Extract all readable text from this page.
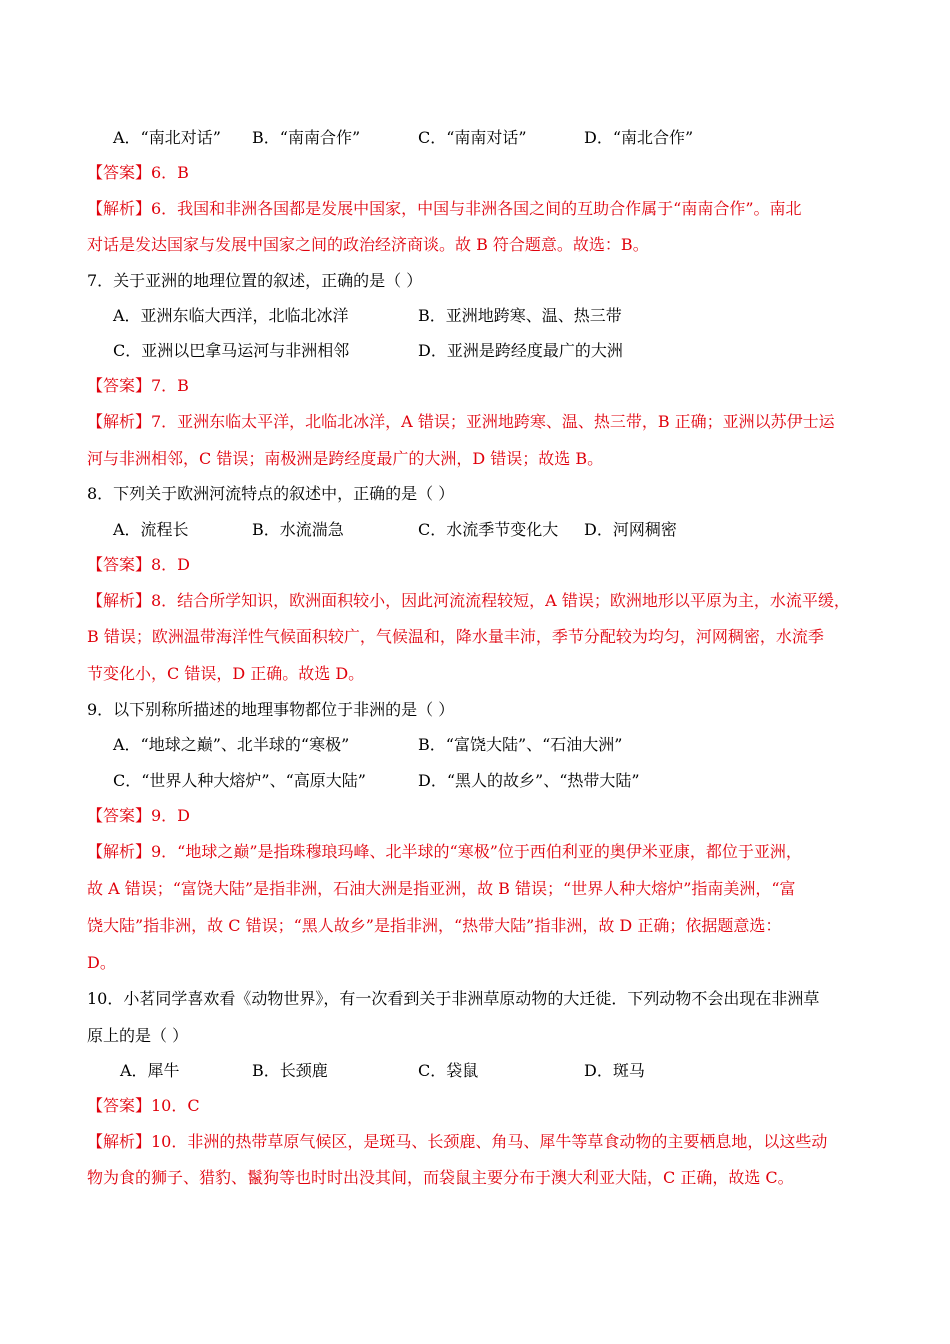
A．“南北对话” B．“南南合作”	C．“南南对话”	D．“南北合作”
【答案】6．B
【解析】6．我国和非洲各国都是发展中国家，中国与非洲各国之间的互助合作属于“南南合作”。南北
对话是发达国家与发展中国家之间的政治经济商谈。故 B 符合题意。故选：B。
7．关于亚洲的地理位置的叙述，正确的是（ ）
A．亚洲东临大西洋，北临北冰洋	B．亚洲地跨寒、温、热三带
C．亚洲以巴拿马运河与非洲相邻	D．亚洲是跨经度最广的大洲
【答案】7．B
【解析】7．亚洲东临太平洋，北临北冰洋，A 错误；亚洲地跨寒、温、热三带，B 正确；亚洲以苏伊士运
河与非洲相邻，C 错误；南极洲是跨经度最广的大洲，D 错误；故选 B。
8．下列关于欧洲河流特点的叙述中，正确的是（ ）
A．流程长	B．水流湍急	C．水流季节变化大 D．河网稠密
【答案】8．D
【解析】8．结合所学知识，欧洲面积较小，因此河流流程较短，A 错误；欧洲地形以平原为主，水流平缓，
B 错误；欧洲温带海洋性气候面积较广，气候温和，降水量丰沛，季节分配较为均匀，河网稠密，水流季
节变化小，C 错误，D 正确。故选 D。
9．以下别称所描述的地理事物都位于非洲的是（ ）
A．“地球之巅”、北半球的“寒极”	B．“富饶大陆”、“石油大洲”
C．“世界人种大熔炉”、“高原大陆”	D．“黑人的故乡”、“热带大陆”
【答案】9．D
【解析】9．“地球之巅”是指珠穆琅玛峰、北半球的“寒极”位于西伯利亚的奥伊米亚康，都位于亚洲，
故 A 错误；“富饶大陆”是指非洲，石油大洲是指亚洲，故 B 错误；“世界人种大熔炉”指南美洲，“富
饶大陆”指非洲，故 C 错误；“黑人故乡”是指非洲，“热带大陆”指非洲，故 D 正确；依据题意选：
D。
10．小茗同学喜欢看《动物世界》，有一次看到关于非洲草原动物的大迁徙．下列动物不会出现在非洲草
原上的是（ ）
A．犀牛	B．长颈鹿	C．袋鼠	D．斑马
【答案】10．C
【解析】10．非洲的热带草原气候区，是斑马、长颈鹿、角马、犀牛等草食动物的主要栖息地，以这些动
物为食的狮子、猎豹、鬣狗等也时时出没其间，而袋鼠主要分布于澳大利亚大陆，C 正确，故选 C。
